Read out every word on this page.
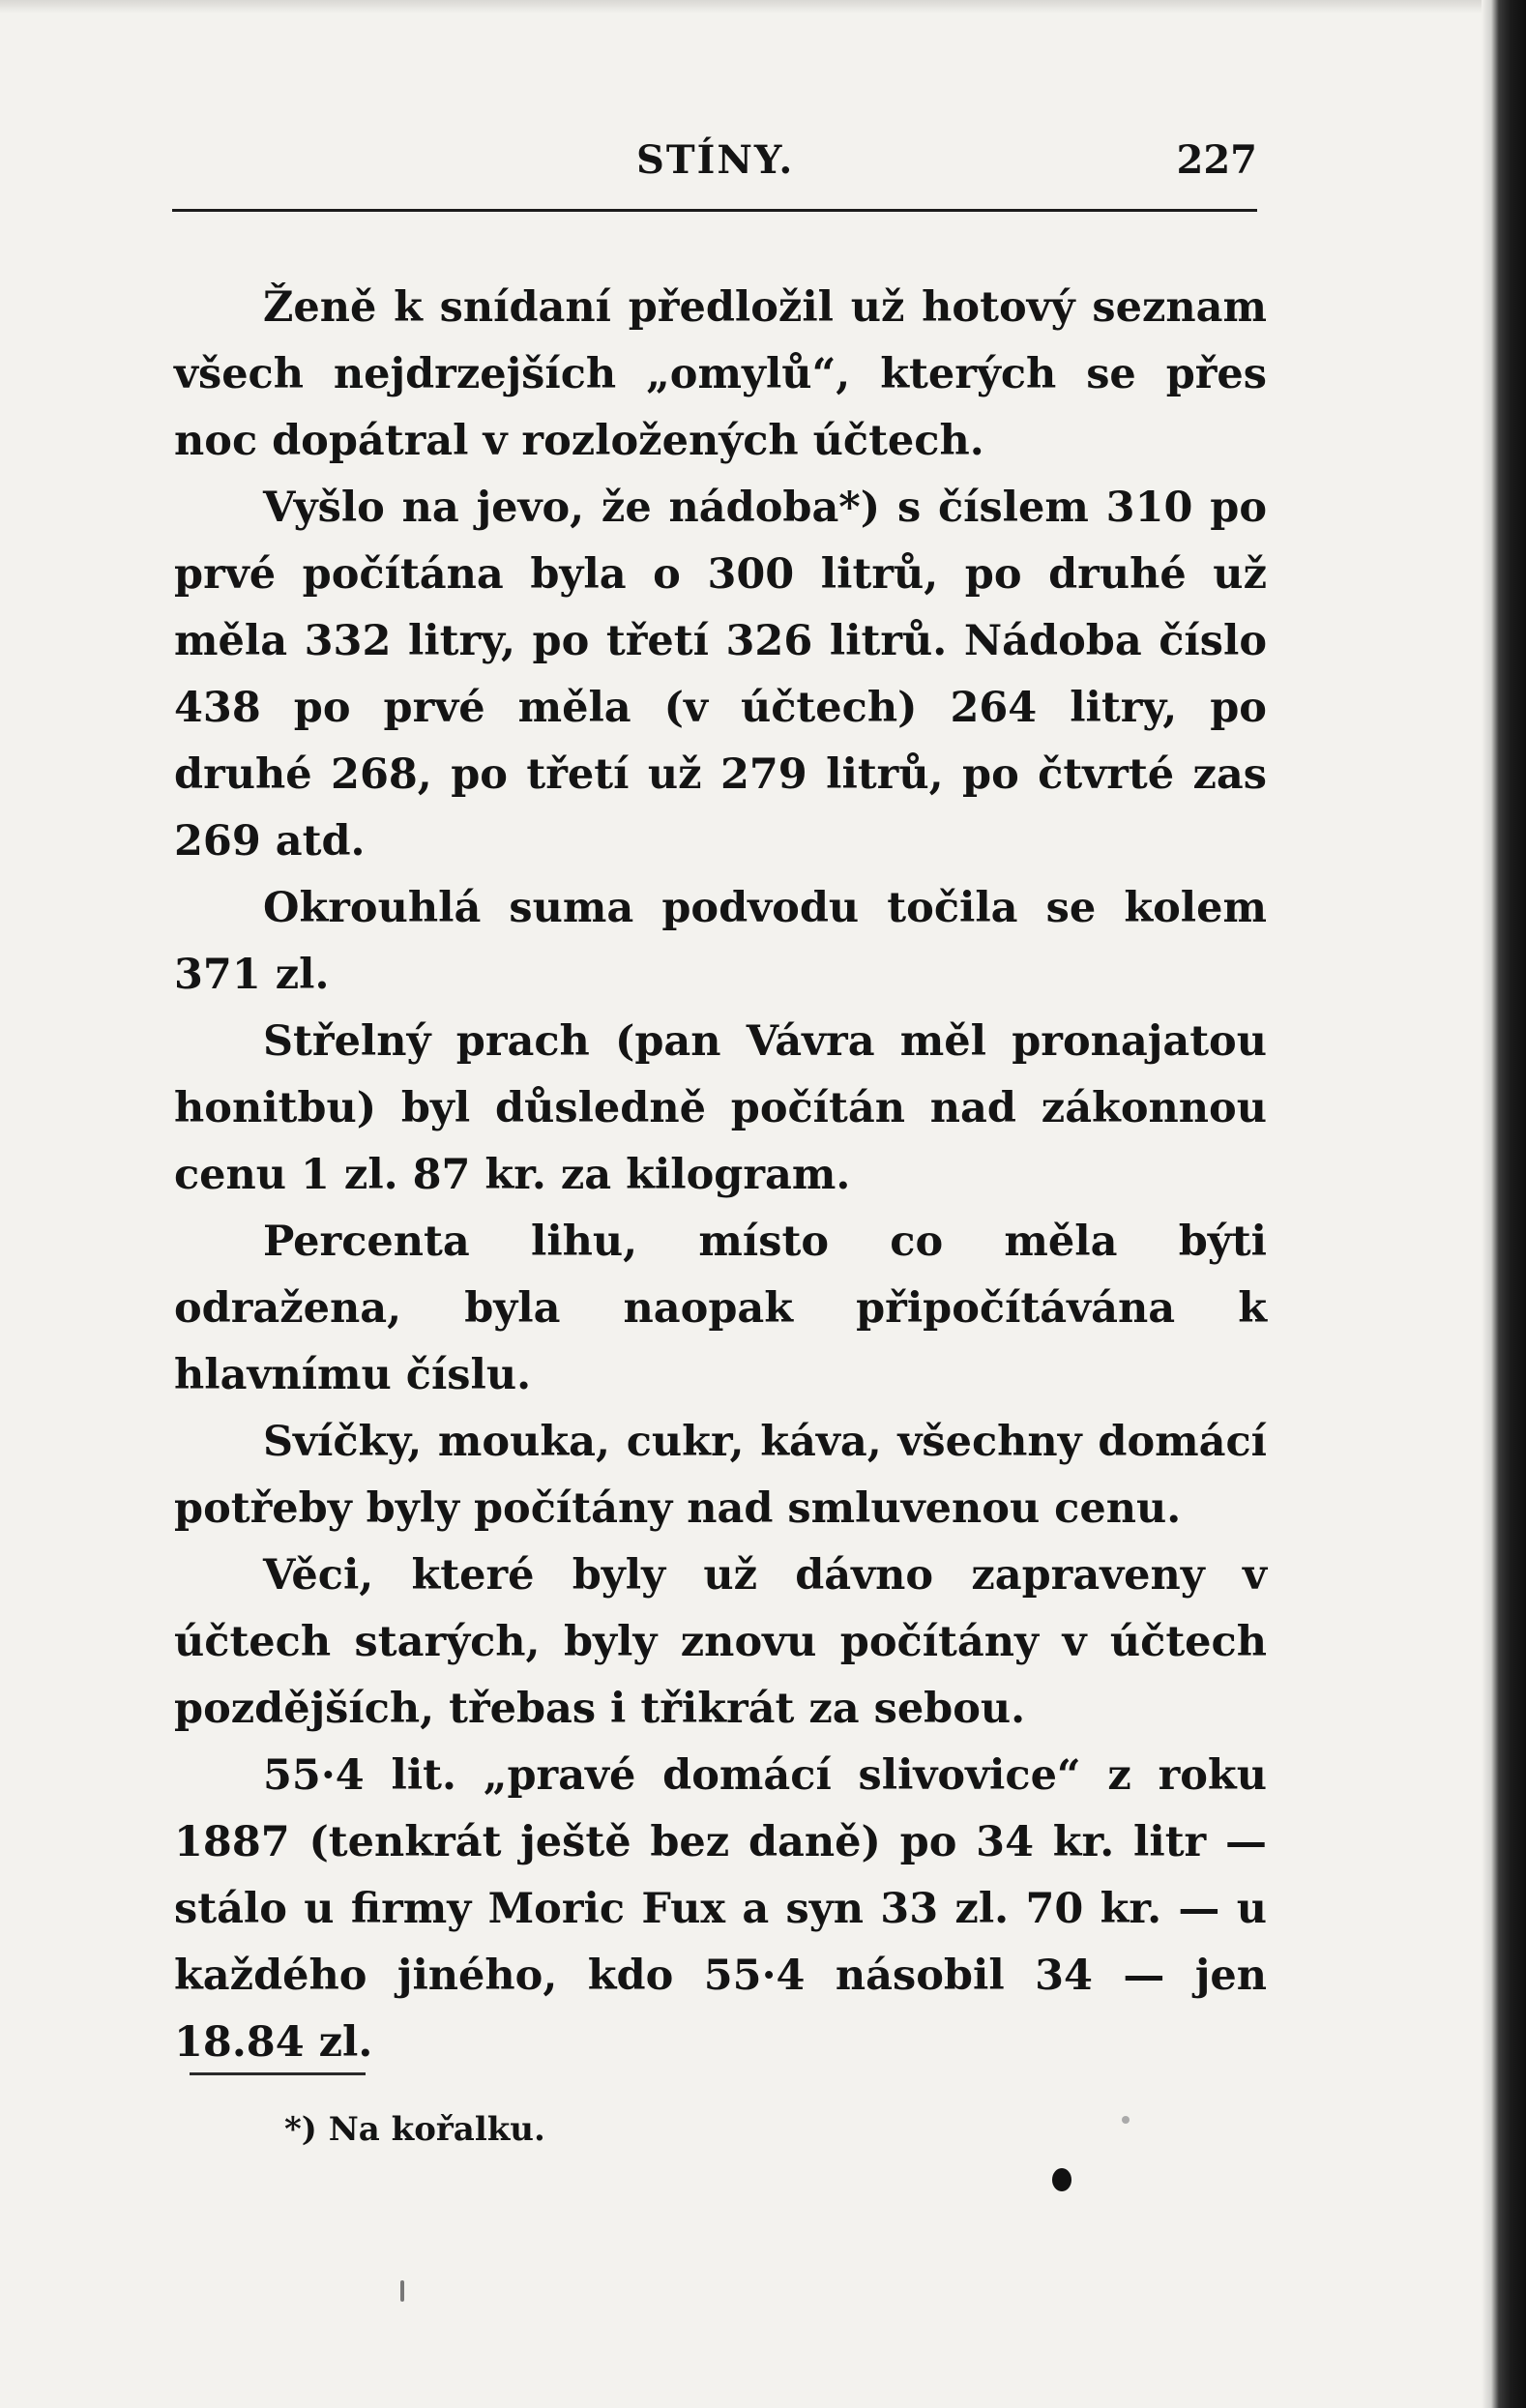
STÍNY.	227

Ženě k snídaní předložil už hotový seznam všech nejdrzejších „omylů“, kterých se přes noc dopátral v rozložených účtech.

Vyšlo na jevo, že nádoba*) s číslem 310 po prvé počítána byla o 300 litrů, po druhé už měla 332 litry, po třetí 326 litrů. Nádoba číslo 438 po prvé měla (v účtech) 264 litry, po druhé 268, po třetí už 279 litrů, po čtvrté zas 269 atd.

Okrouhlá suma podvodu točila se kolem 371 zl.

Střelný prach (pan Vávra měl pronajatou honitbu) byl důsledně počítán nad zákonnou cenu 1 zl. 87 kr. za kilogram.

Percenta lihu, místo co měla býti odražena, byla naopak připočítávána k hlavnímu číslu.

Svíčky, mouka, cukr, káva, všechny domácí potřeby byly počítány nad smluvenou cenu.

Věci, které byly už dávno zapraveny v účtech starých, byly znovu počítány v účtech pozdějších, třebas i třikrát za sebou.

55·4 lit. „pravé domácí slivovice“ z roku 1887 (tenkrát ještě bez daně) po 34 kr. litr — stálo u firmy Moric Fux a syn 33 zl. 70 kr. — u každého jiného, kdo 55·4 násobil 34 — jen 18.84 zl.

*) Na kořalku.
